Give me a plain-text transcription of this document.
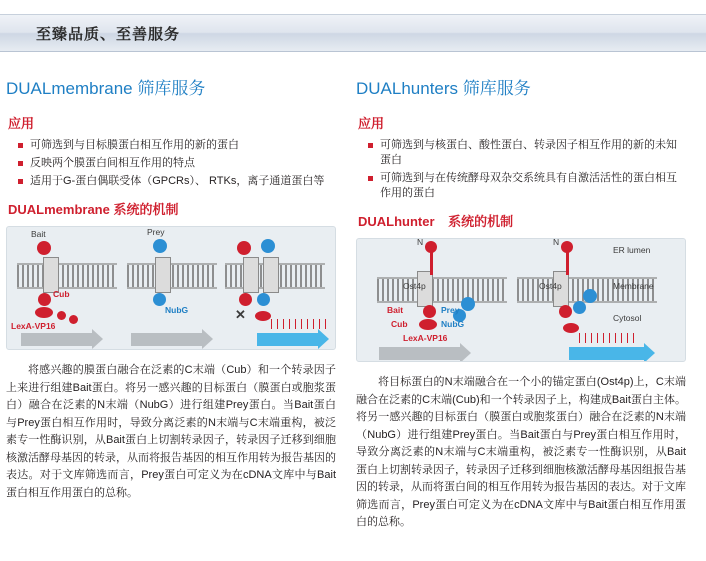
至臻品质、至善服务
DUALmembrane 筛库服务
应用
可筛选到与目标膜蛋白相互作用的新的蛋白
反映两个膜蛋白间相互作用的特点
适用于G-蛋白偶联受体（GPCRs）、 RTKs，离子通道蛋白等
DUALmembrane 系统的机制
Bait
Cub
LexA-VP16
Prey
NubG	✕

将感兴趣的膜蛋白融合在泛素的C末端（Cub）和一个转录因子上来进行组建Bait蛋白。将另一感兴趣的目标蛋白（膜蛋白或胞浆蛋白）融合在泛素的N末端（NubG）进行组建Prey蛋白。当Bait蛋白与Prey蛋白相互作用时，导致分离泛素的N末端与C末端重构，被泛素专一性酶识别，从Bait蛋白上切割转录因子，转录因子迁移到细胞核激活酵母基因的转录，从而将报告基因的相互作用转为报告基因的表达。对于文库筛选而言，Prey蛋白可定义为在cDNA文库中与Bait蛋白相互作用蛋白的总称。

DUALhunters 筛库服务
应用
可筛选到与核蛋白、酸性蛋白、转录因子相互作用的新的未知蛋白
可筛选到与在传统酵母双杂交系统具有自激活活性的蛋白相互作用的蛋白
DUALhunter 系统的机制
ER lumen
Membrane
Cytosol
N
Ost4p
Bait
Cub
Prey
NubG
LexA-VP16
N
Ost4p

将目标蛋白的N末端融合在一个小的锚定蛋白(Ost4p)上，C末端融合在泛素的C末端(Cub)和一个转录因子上，构建成Bait蛋白主体。将另一感兴趣的目标蛋白（膜蛋白或胞浆蛋白）融合在泛素的N末端（NubG）进行组建Prey蛋白。当Bait蛋白与Prey蛋白相互作用时，导致分离泛素的N末端与C末端重构，被泛素专一性酶识别，从Bait蛋白上切割转录因子，转录因子迁移到细胞核激活酵母基因组报告基因的转录，从而将蛋白间的相互作用转为报告基因的表达。对于文库筛选而言，Prey蛋白可定义为在cDNA文库中与Bait蛋白相互作用蛋白的总称。
